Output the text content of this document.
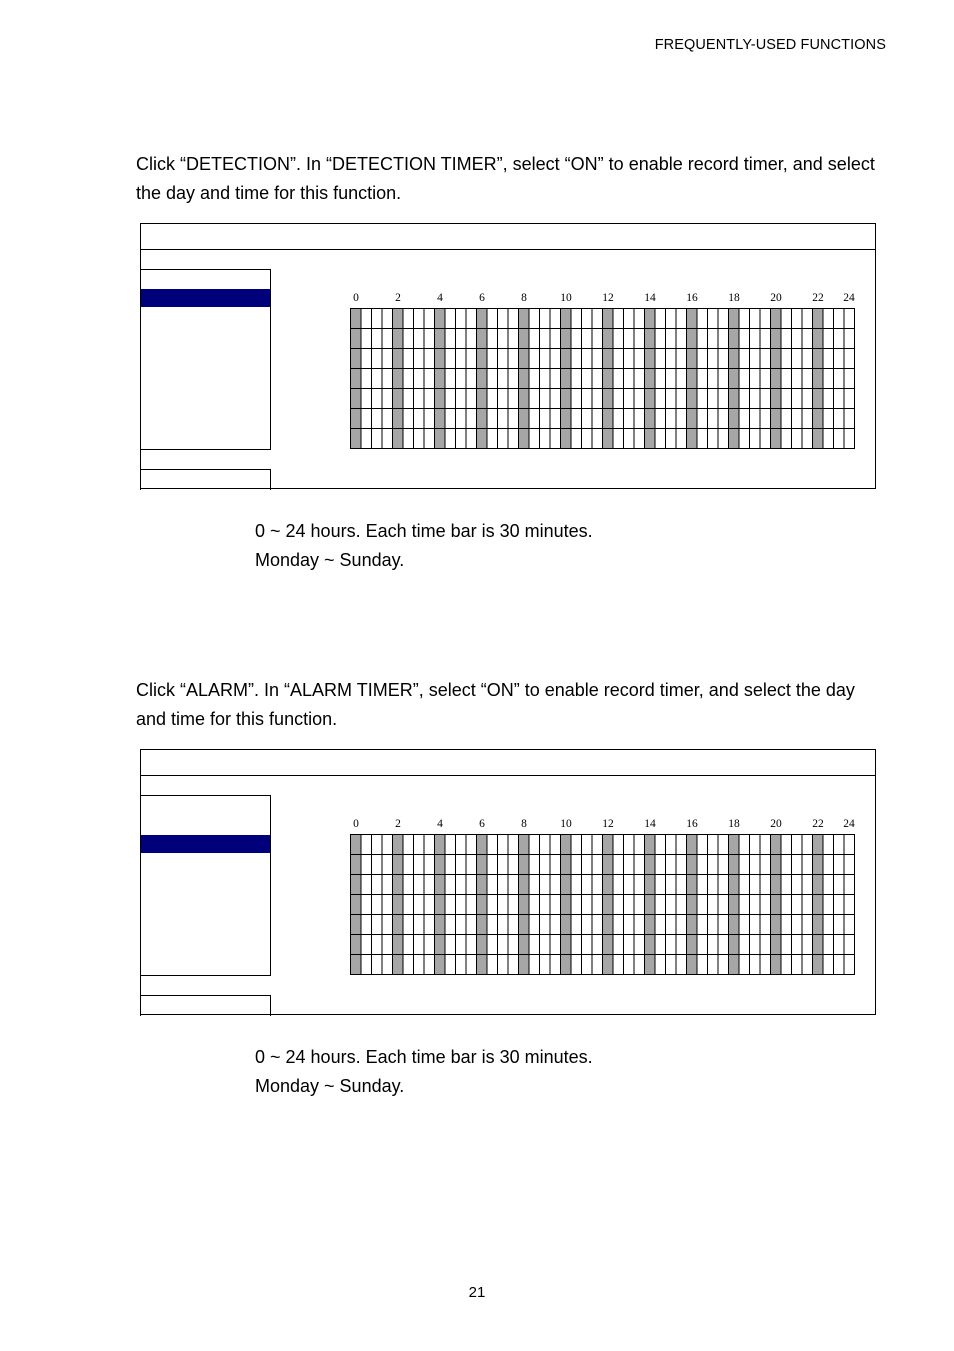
FREQUENTLY-USED FUNCTIONS
Click “DETECTION”. In “DETECTION TIMER”, select “ON” to enable record timer, and select the day and time for this function.
0	2	4	6	8	10	12	14	16	18	20	22 24
0 ~ 24 hours. Each time bar is 30 minutes.
Monday ~ Sunday.
Click “ALARM”. In “ALARM TIMER”, select “ON” to enable record timer, and select the day and time for this function.
0	2	4	6	8	10	12	14	16	18	20	22 24
0 ~ 24 hours. Each time bar is 30 minutes.
Monday ~ Sunday.
21
